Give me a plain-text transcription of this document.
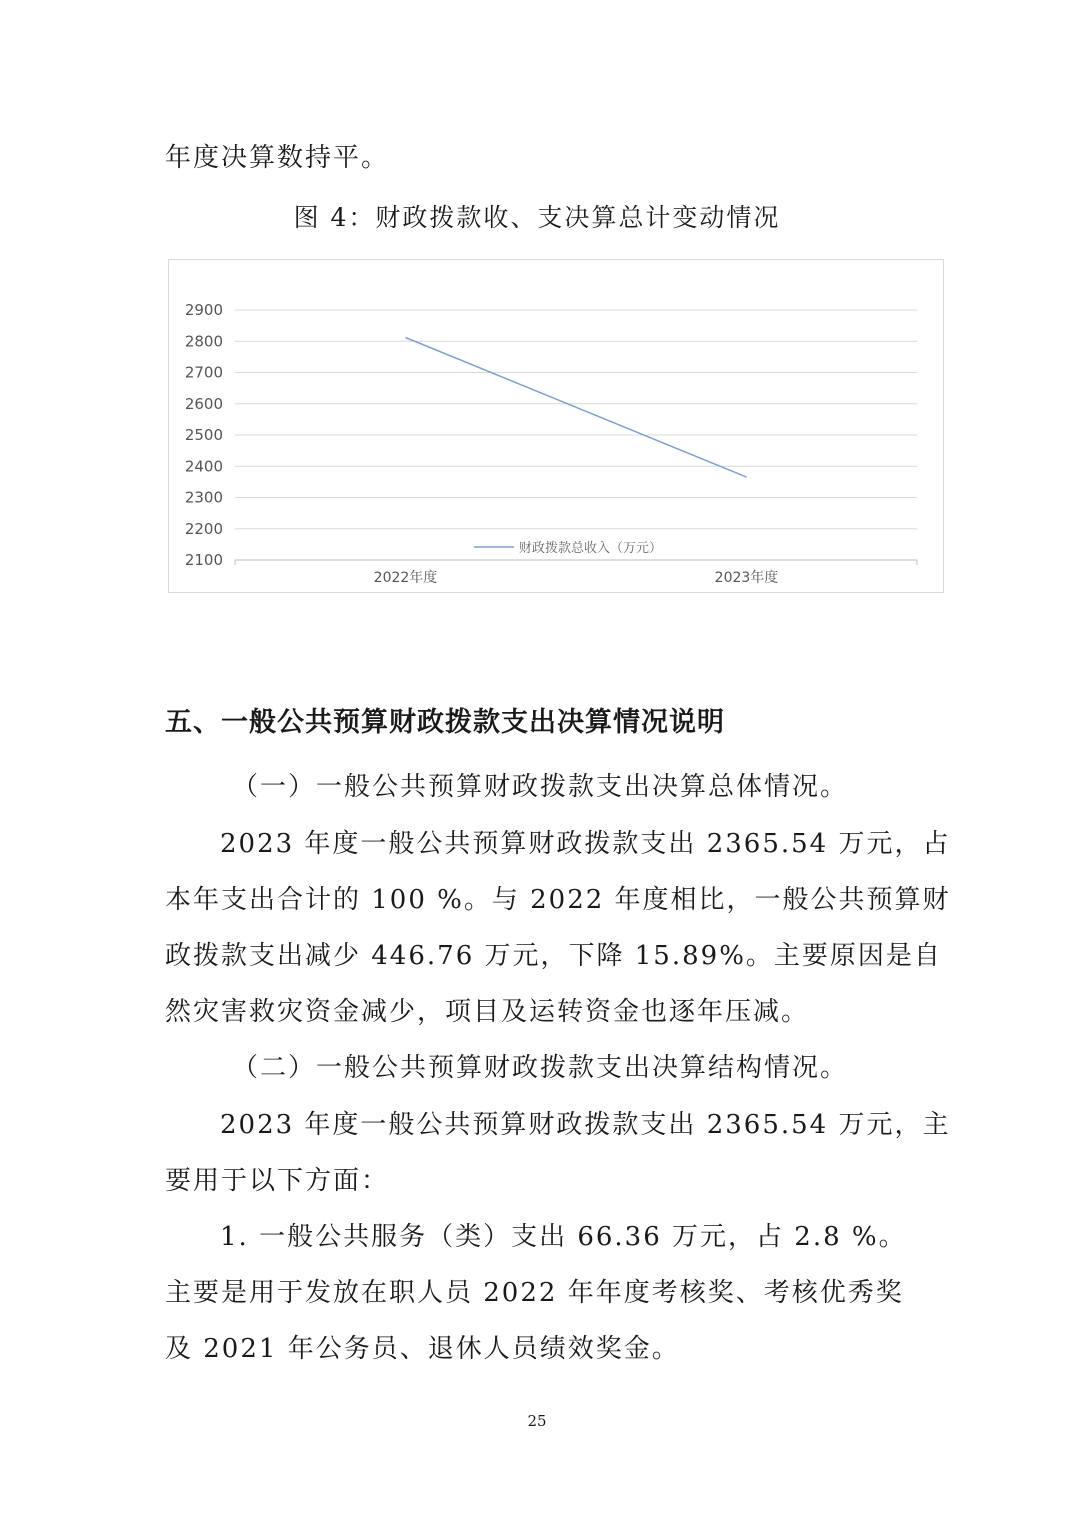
年度决算数持平。
图 4：财政拨款收、支决算总计变动情况
2900
2800
2700
2600
2500
2400
2300
2200
2100
2022年度	2023年度
财政拨款总收入（万元）
五、一般公共预算财政拨款支出决算情况说明
（一）一般公共预算财政拨款支出决算总体情况。
2023 年度一般公共预算财政拨款支出 2365.54 万元，占
本年支出合计的 100 %。与 2022 年度相比，一般公共预算财
政拨款支出减少 446.76 万元，下降 15.89%。主要原因是自
然灾害救灾资金减少，项目及运转资金也逐年压减。
（二）一般公共预算财政拨款支出决算结构情况。
2023 年度一般公共预算财政拨款支出 2365.54 万元，主
要用于以下方面：
1. 一般公共服务（类）支出 66.36 万元，占 2.8 %。
主要是用于发放在职人员 2022 年年度考核奖、考核优秀奖
及 2021 年公务员、退休人员绩效奖金。
25
